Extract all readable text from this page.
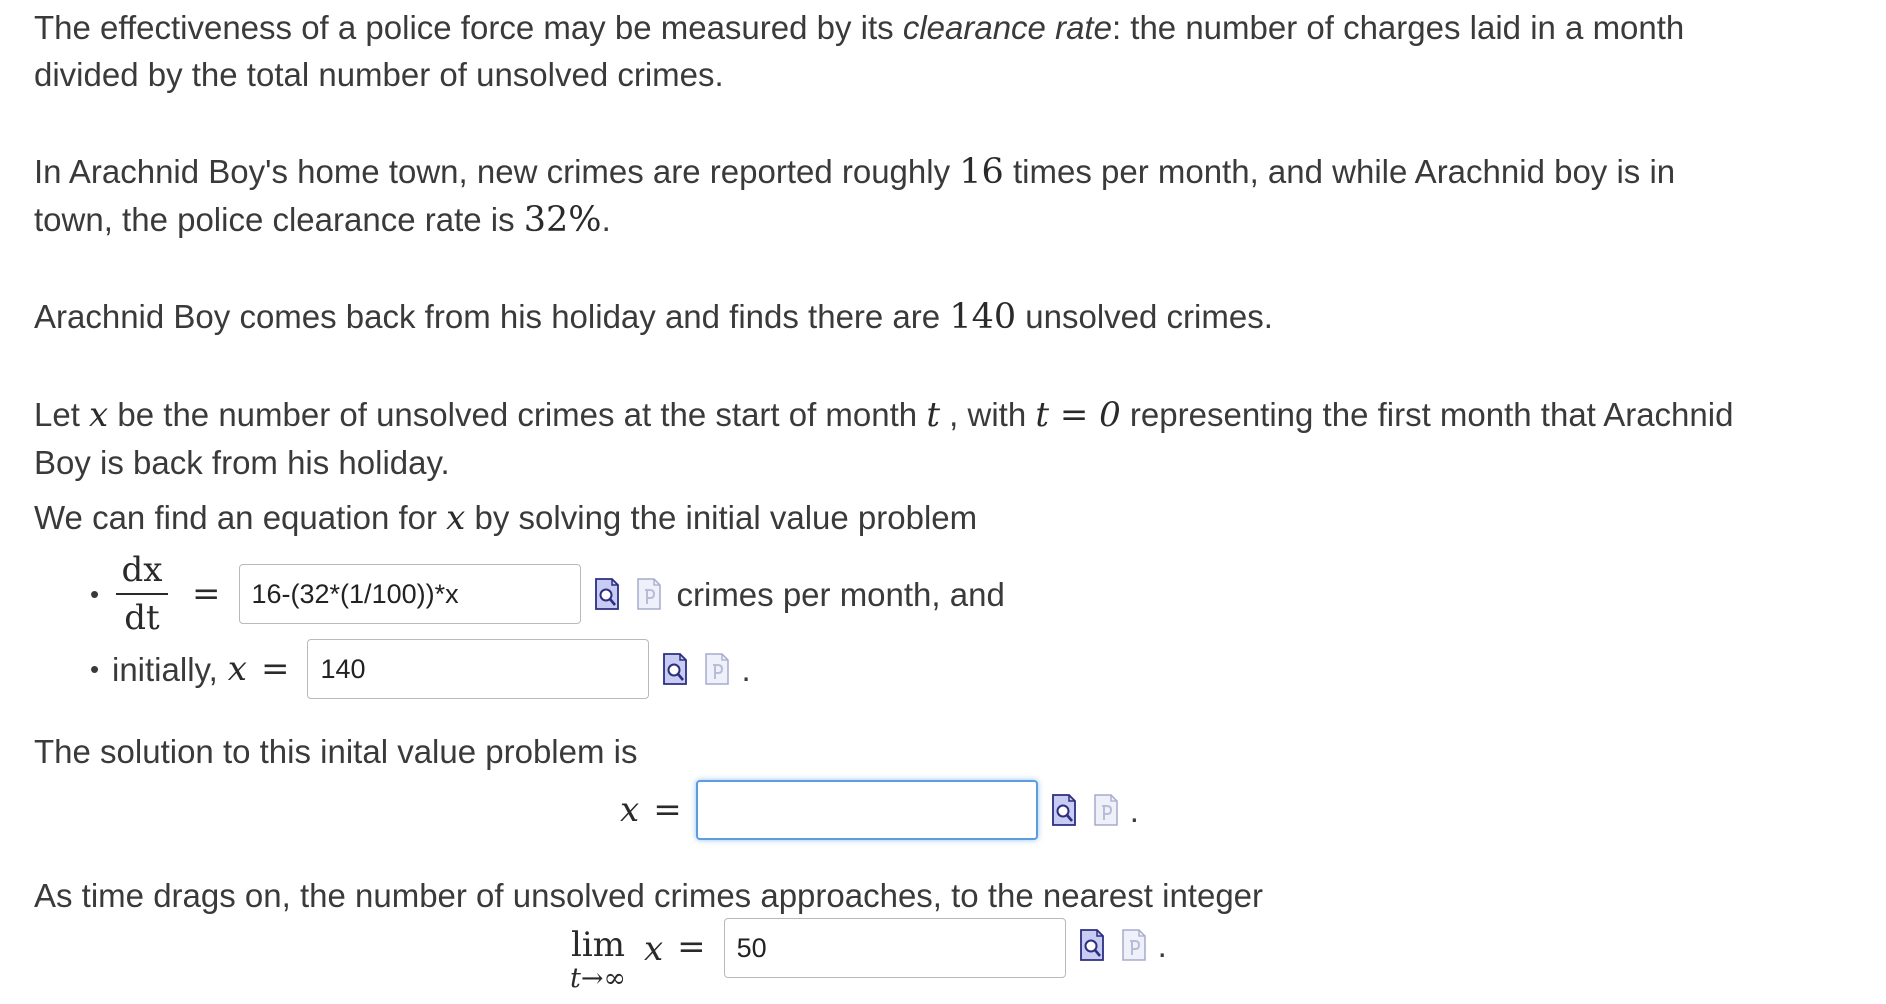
The effectiveness of a police force may be measured by its clearance rate: the number of charges laid in a month divided by the total number of unsolved crimes.

In Arachnid Boy's home town, new crimes are reported roughly 16 times per month, and while Arachnid boy is in town, the police clearance rate is 32%.

Arachnid Boy comes back from his holiday and finds there are 140 unsolved crimes.

Let x be the number of unsolved crimes at the start of month t , with t = 0 representing the first month that Arachnid Boy is back from his holiday.

We can find an equation for x by solving the initial value problem

• $\frac{dx}{dt}$ =
16-(32*(1/100))*x	crimes per month, and
• initially, x =
140	.

The solution to this inital value problem is

x =	.

As time drags on, the number of unsolved crimes approaches, to the nearest integer

lim
t→∞
x =
50	.
